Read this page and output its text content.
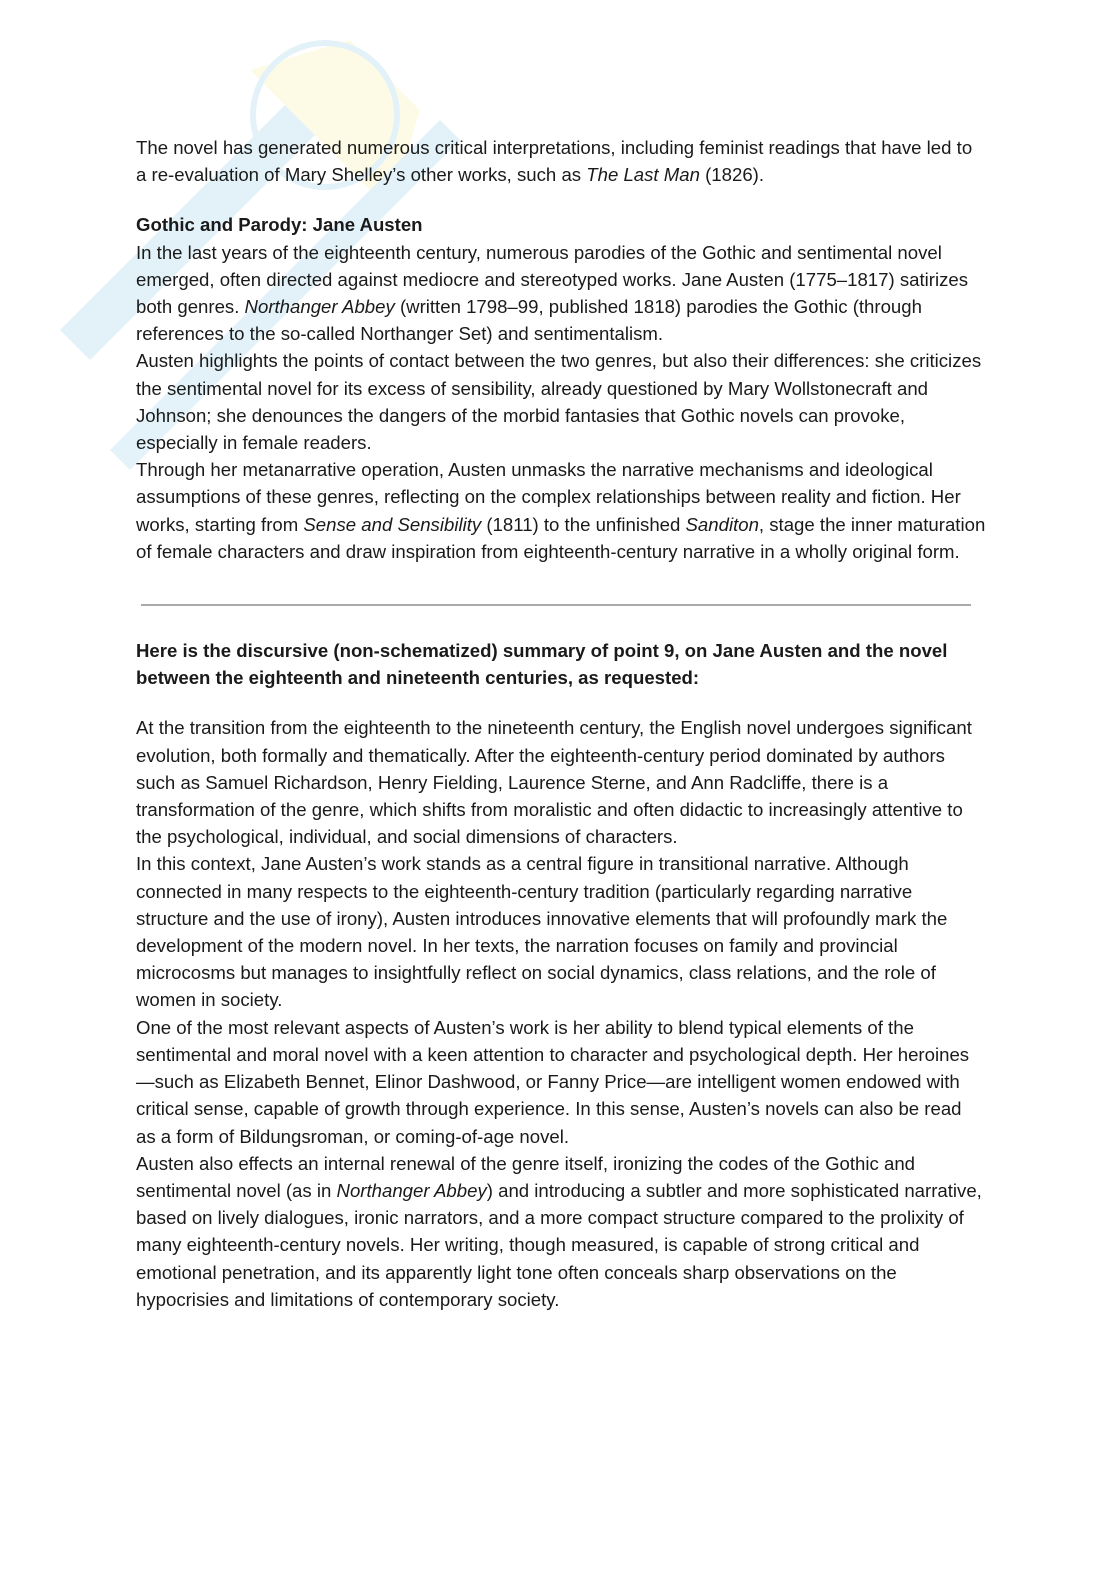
The novel has generated numerous critical interpretations, including feminist readings that have led to a re-evaluation of Mary Shelley’s other works, such as The Last Man (1826).

Gothic and Parody: Jane Austen

In the last years of the eighteenth century, numerous parodies of the Gothic and sentimental novel emerged, often directed against mediocre and stereotyped works. Jane Austen (1775–1817) satirizes both genres. Northanger Abbey (written 1798–99, published 1818) parodies the Gothic (through references to the so-called Northanger Set) and sentimentalism.

Austen highlights the points of contact between the two genres, but also their differences: she criticizes the sentimental novel for its excess of sensibility, already questioned by Mary Wollstonecraft and Johnson; she denounces the dangers of the morbid fantasies that Gothic novels can provoke, especially in female readers.

Through her metanarrative operation, Austen unmasks the narrative mechanisms and ideological assumptions of these genres, reflecting on the complex relationships between reality and fiction. Her works, starting from Sense and Sensibility (1811) to the unfinished Sanditon, stage the inner maturation of female characters and draw inspiration from eighteenth-century narrative in a wholly original form.

Here is the discursive (non-schematized) summary of point 9, on Jane Austen and the novel between the eighteenth and nineteenth centuries, as requested:

At the transition from the eighteenth to the nineteenth century, the English novel undergoes significant evolution, both formally and thematically. After the eighteenth-century period dominated by authors such as Samuel Richardson, Henry Fielding, Laurence Sterne, and Ann Radcliffe, there is a transformation of the genre, which shifts from moralistic and often didactic to increasingly attentive to the psychological, individual, and social dimensions of characters.

In this context, Jane Austen’s work stands as a central figure in transitional narrative. Although connected in many respects to the eighteenth-century tradition (particularly regarding narrative structure and the use of irony), Austen introduces innovative elements that will profoundly mark the development of the modern novel. In her texts, the narration focuses on family and provincial microcosms but manages to insightfully reflect on social dynamics, class relations, and the role of women in society.

One of the most relevant aspects of Austen’s work is her ability to blend typical elements of the sentimental and moral novel with a keen attention to character and psychological depth. Her heroines—such as Elizabeth Bennet, Elinor Dashwood, or Fanny Price—are intelligent women endowed with critical sense, capable of growth through experience. In this sense, Austen’s novels can also be read as a form of Bildungsroman, or coming-of-age novel.

Austen also effects an internal renewal of the genre itself, ironizing the codes of the Gothic and sentimental novel (as in Northanger Abbey) and introducing a subtler and more sophisticated narrative, based on lively dialogues, ironic narrators, and a more compact structure compared to the prolixity of many eighteenth-century novels. Her writing, though measured, is capable of strong critical and emotional penetration, and its apparently light tone often conceals sharp observations on the hypocrisies and limitations of contemporary society.
